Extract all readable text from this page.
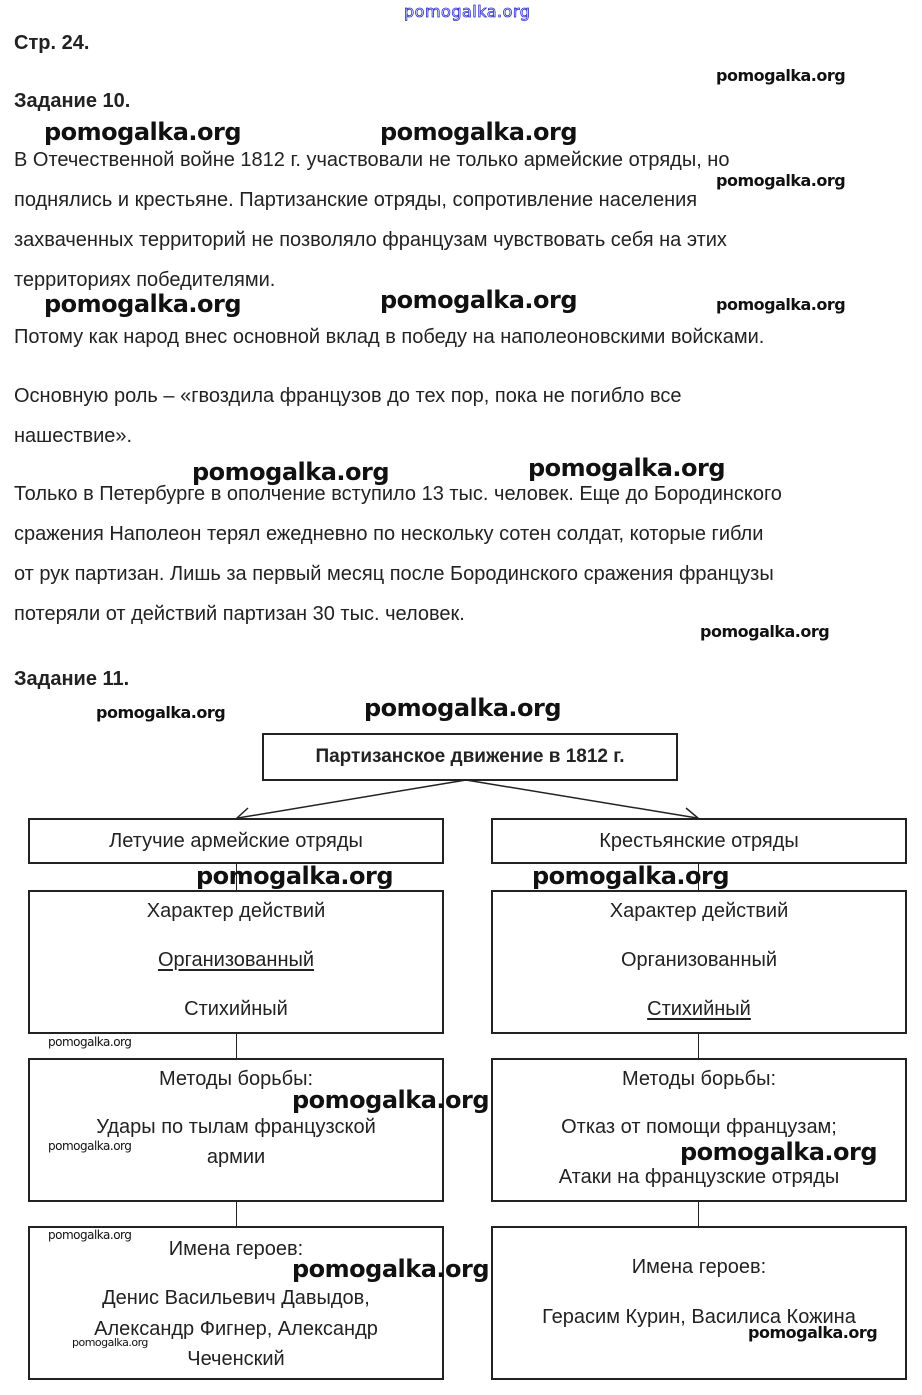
pomogalka.org
Стр. 24.
pomogalka.org
Задание 10.
pomogalka.org	pomogalka.org
В Отечественной войне 1812 г. участвовали не только армейские отряды, но
pomogalka.org
поднялись и крестьяне. Партизанские отряды, сопротивление населения
захваченных территорий не позволяло французам чувствовать себя на этих
территориях победителями.
pomogalka.org	pomogalka.org	pomogalka.org
Потому как народ внес основной вклад в победу на наполеоновскими войсками.
Основную роль – «гвоздила французов до тех пор, пока не погибло все
нашествие».
pomogalka.org	pomogalka.org
Только в Петербурге в ополчение вступило 13 тыс. человек. Еще до Бородинского
сражения Наполеон терял ежедневно по нескольку сотен солдат, которые гибли
от рук партизан. Лишь за первый месяц после Бородинского сражения французы
потеряли от действий партизан 30 тыс. человек.
pomogalka.org
Задание 11.
pomogalka.org	pomogalka.org
Партизанское движение в 1812 г.
Летучие армейские отряды
Характер действий
Организованный
Стихийный
Методы борьбы:
Удары по тылам французской
армии
Имена героев:
Денис Васильевич Давыдов,
Александр Фигнер, Александр
Чеченский
Крестьянские отряды
Характер действий
Организованный
Стихийный
Методы борьбы:
Отказ от помощи французам;
Атаки на французские отряды
Имена героев:
Герасим Курин, Василиса Кожина
pomogalka.org	pomogalka.org
pomogalka.org
pomogalka.org
pomogalka.org	pomogalka.org
pomogalka.org
pomogalka.org
pomogalka.org
pomogalka.org
